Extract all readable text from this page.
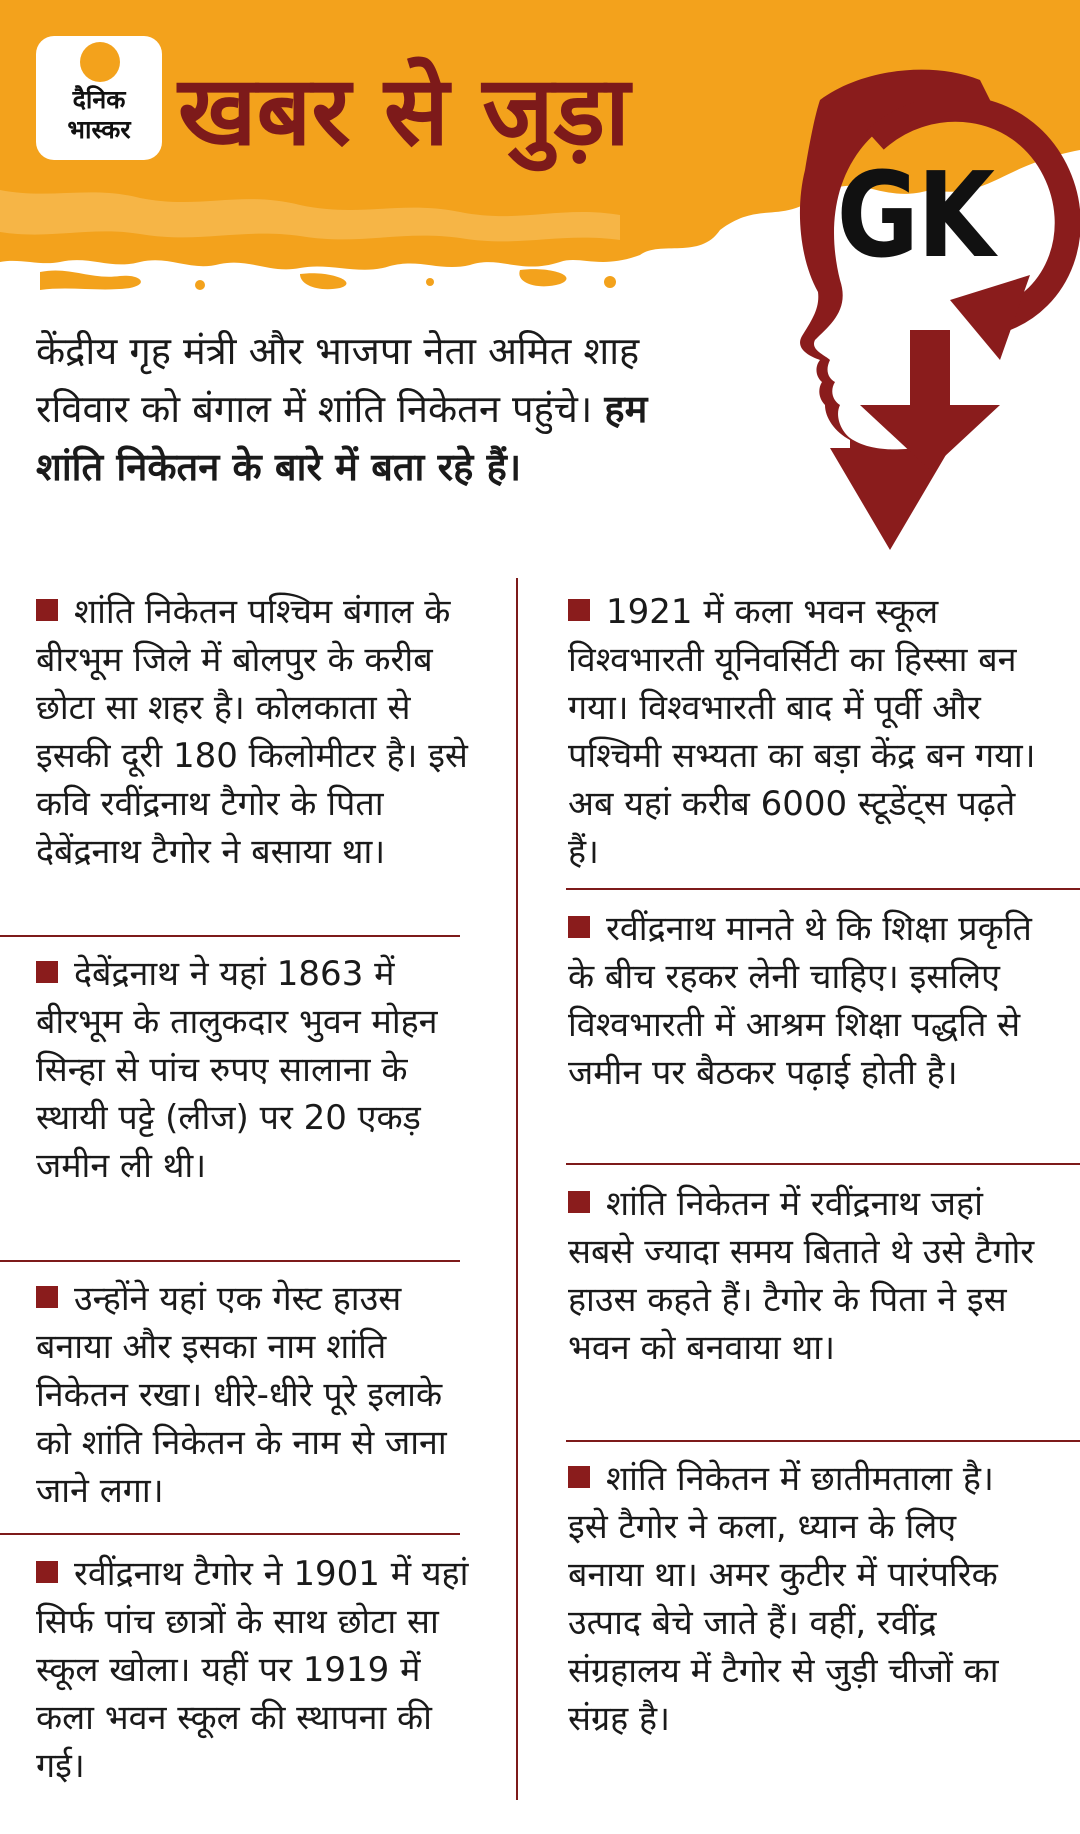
दैनिक
भास्कर खबर से जुड़ा
GK
केंद्रीय गृह मंत्री और भाजपा नेता अमित शाह रविवार को बंगाल में शांति निकेतन पहुंचे। हम शांति निकेतन के बारे में बता रहे हैं।
शांति निकेतन पश्चिम बंगाल के बीरभूम जिले में बोलपुर के करीब छोटा सा शहर है। कोलकाता से इसकी दूरी 180 किलोमीटर है। इसे कवि रवींद्रनाथ टैगोर के पिता देबेंद्रनाथ टैगोर ने बसाया था।
देबेंद्रनाथ ने यहां 1863 में बीरभूम के तालुकदार भुवन मोहन सिन्हा से पांच रुपए सालाना के स्थायी पट्टे (लीज) पर 20 एकड़ जमीन ली थी।
उन्होंने यहां एक गेस्ट हाउस बनाया और इसका नाम शांति निकेतन रखा। धीरे-धीरे पूरे इलाके को शांति निकेतन के नाम से जाना जाने लगा।
रवींद्रनाथ टैगोर ने 1901 में यहां सिर्फ पांच छात्रों के साथ छोटा सा स्कूल खोला। यहीं पर 1919 में कला भवन स्कूल की स्थापना की गई।
1921 में कला भवन स्कूल विश्वभारती यूनिवर्सिटी का हिस्सा बन गया। विश्वभारती बाद में पूर्वी और पश्चिमी सभ्यता का बड़ा केंद्र बन गया। अब यहां करीब 6000 स्टूडेंट्स पढ़ते हैं।
रवींद्रनाथ मानते थे कि शिक्षा प्रकृति के बीच रहकर लेनी चाहिए। इसलिए विश्वभारती में आश्रम शिक्षा पद्धति से जमीन पर बैठकर पढ़ाई होती है।
शांति निकेतन में रवींद्रनाथ जहां सबसे ज्यादा समय बिताते थे उसे टैगोर हाउस कहते हैं। टैगोर के पिता ने इस भवन को बनवाया था।
शांति निकेतन में छातीमताला है। इसे टैगोर ने कला, ध्यान के लिए बनाया था। अमर कुटीर में पारंपरिक उत्पाद बेचे जाते हैं। वहीं, रवींद्र संग्रहालय में टैगोर से जुड़ी चीजों का संग्रह है।
